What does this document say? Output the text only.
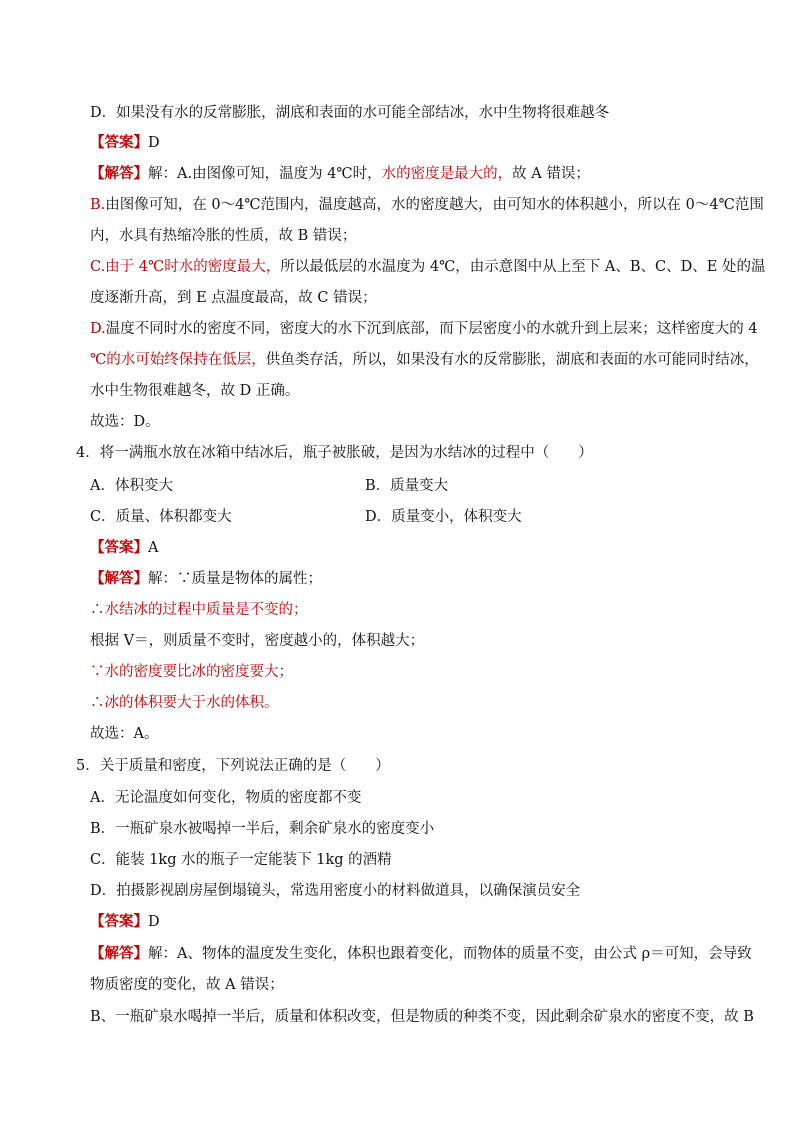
D．如果没有水的反常膨胀，湖底和表面的水可能全部结冰，水中生物将很难越冬
【答案】D
【解答】解：A.由图像可知，温度为 4℃时，水的密度是最大的，故 A 错误；
B.由图像可知，在 0～4℃范围内，温度越高，水的密度越大，由可知水的体积越小，所以在 0～4℃范围
内，水具有热缩冷胀的性质，故 B 错误；
C.由于 4℃时水的密度最大，所以最低层的水温度为 4℃，由示意图中从上至下 A、B、C、D、E 处的温
度逐渐升高，到 E 点温度最高，故 C 错误；
D.温度不同时水的密度不同，密度大的水下沉到底部，而下层密度小的水就升到上层来；这样密度大的 4
℃的水可始终保持在低层，供鱼类存活，所以，如果没有水的反常膨胀，湖底和表面的水可能同时结冰，
水中生物很难越冬，故 D 正确。
故选：D。
4．将一满瓶水放在冰箱中结冰后，瓶子被胀破，是因为水结冰的过程中（　　）
A．体积变大	B．质量变大
C．质量、体积都变大	D．质量变小，体积变大
【答案】A
【解答】解：∵质量是物体的属性；
∴水结冰的过程中质量是不变的；
根据 V＝，则质量不变时，密度越小的，体积越大；
∵水的密度要比冰的密度要大；
∴冰的体积要大于水的体积。
故选：A。
5．关于质量和密度，下列说法正确的是（　　）
A．无论温度如何变化，物质的密度都不变
B．一瓶矿泉水被喝掉一半后，剩余矿泉水的密度变小
C．能装 1kg 水的瓶子一定能装下 1kg 的酒精
D．拍摄影视剧房屋倒塌镜头，常选用密度小的材料做道具，以确保演员安全
【答案】D
【解答】解：A、物体的温度发生变化，体积也跟着变化，而物体的质量不变，由公式 ρ＝可知，会导致
物质密度的变化，故 A 错误；
B、一瓶矿泉水喝掉一半后，质量和体积改变，但是物质的种类不变，因此剩余矿泉水的密度不变，故 B
